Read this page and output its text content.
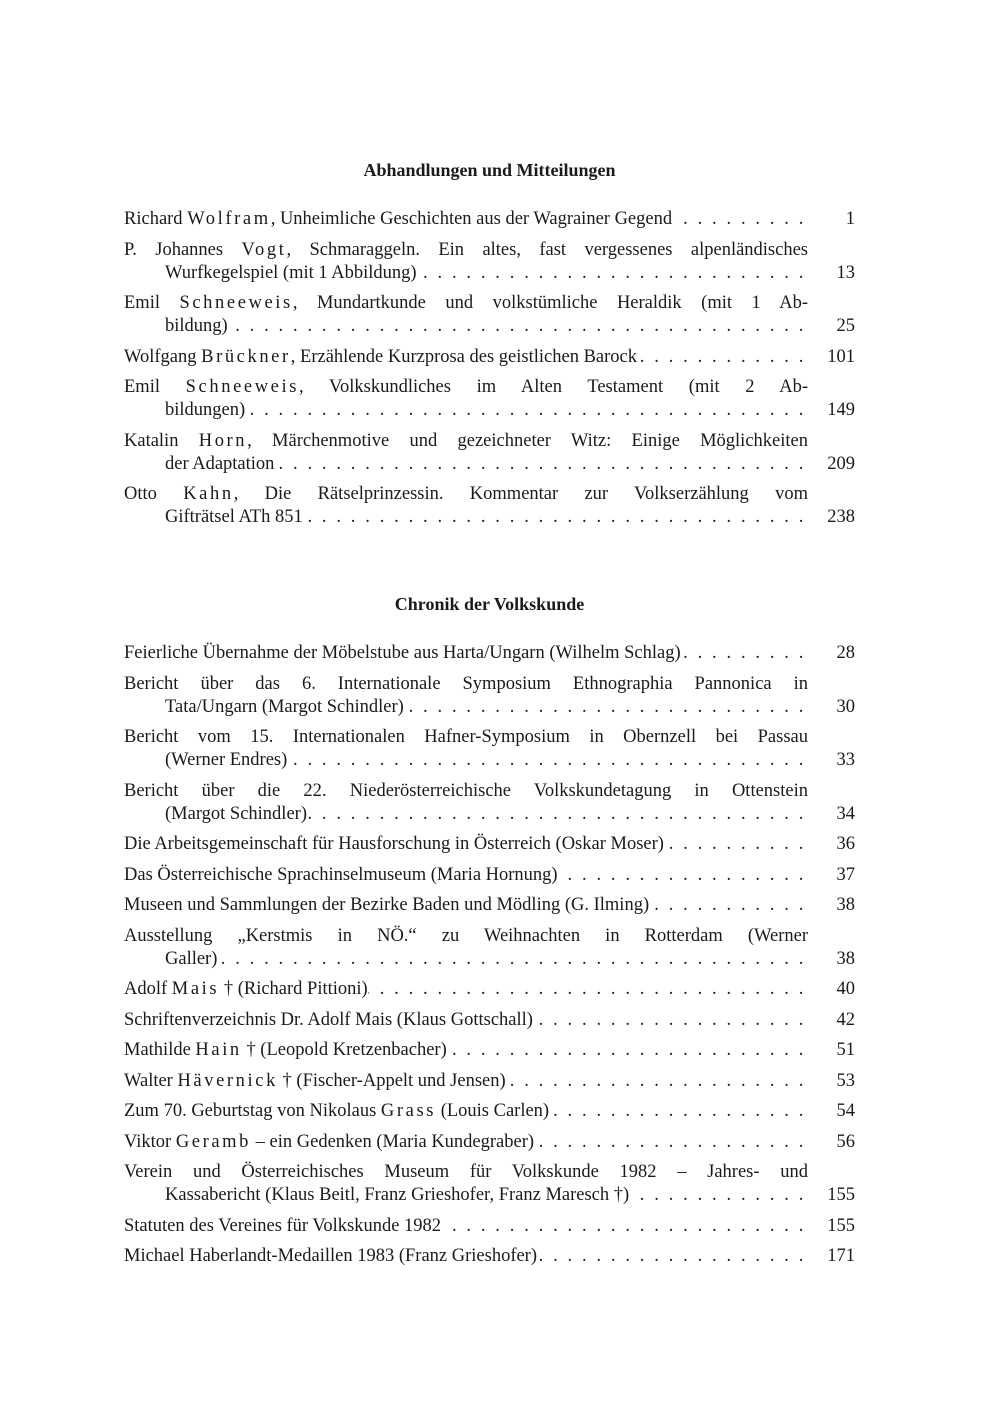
Abhandlungen und Mitteilungen
Richard Wolfram, Unheimliche Geschichten aus der Wagrainer Gegend . . .	1
P. Johannes Vogt, Schmaraggeln. Ein altes, fast vergessenes alpenländisches
Wurfkegelspiel (mit 1 Abbildung) . . .	13
Emil Schneeweis, Mundartkunde und volkstümliche Heraldik (mit 1 Ab-
bildung) . . .	25
Wolfgang Brückner, Erzählende Kurzprosa des geistlichen Barock . . .	101
Emil Schneeweis, Volkskundliches im Alten Testament (mit 2 Ab-
bildungen) . . .	149
Katalin Horn, Märchenmotive und gezeichneter Witz: Einige Möglichkeiten
der Adaptation . . .	209
Otto Kahn, Die Rätselprinzessin. Kommentar zur Volkserzählung vom
Gifträtsel ATh 851 . . .	238
Chronik der Volkskunde
Feierliche Übernahme der Möbelstube aus Harta/Ungarn (Wilhelm Schlag) . . .	28
Bericht über das 6. Internationale Symposium Ethnographia Pannonica in
Tata/Ungarn (Margot Schindler) . . .	30
Bericht vom 15. Internationalen Hafner-Symposium in Obernzell bei Passau
(Werner Endres) . . .	33
Bericht über die 22. Niederösterreichische Volkskundetagung in Ottenstein
(Margot Schindler) . . .	34
Die Arbeitsgemeinschaft für Hausforschung in Österreich (Oskar Moser) . . .	36
Das Österreichische Sprachinselmuseum (Maria Hornung) . . .	37
Museen und Sammlungen der Bezirke Baden und Mödling (G. Ilming) . . .	38
Ausstellung „Kerstmis in NÖ.“ zu Weihnachten in Rotterdam (Werner
Galler) . . .	38
Adolf Mais † (Richard Pittioni) . . .	40
Schriftenverzeichnis Dr. Adolf Mais (Klaus Gottschall) . . .	42
Mathilde Hain † (Leopold Kretzenbacher) . . .	51
Walter Hävernick † (Fischer-Appelt und Jensen) . . .	53
Zum 70. Geburtstag von Nikolaus Grass (Louis Carlen) . . .	54
Viktor Geramb – ein Gedenken (Maria Kundegraber) . . .	56
Verein und Österreichisches Museum für Volkskunde 1982 – Jahres- und
Kassabericht (Klaus Beitl, Franz Grieshofer, Franz Maresch †) . . .	155
Statuten des Vereines für Volkskunde 1982 . . .	155
Michael Haberlandt-Medaillen 1983 (Franz Grieshofer) . . .	171
